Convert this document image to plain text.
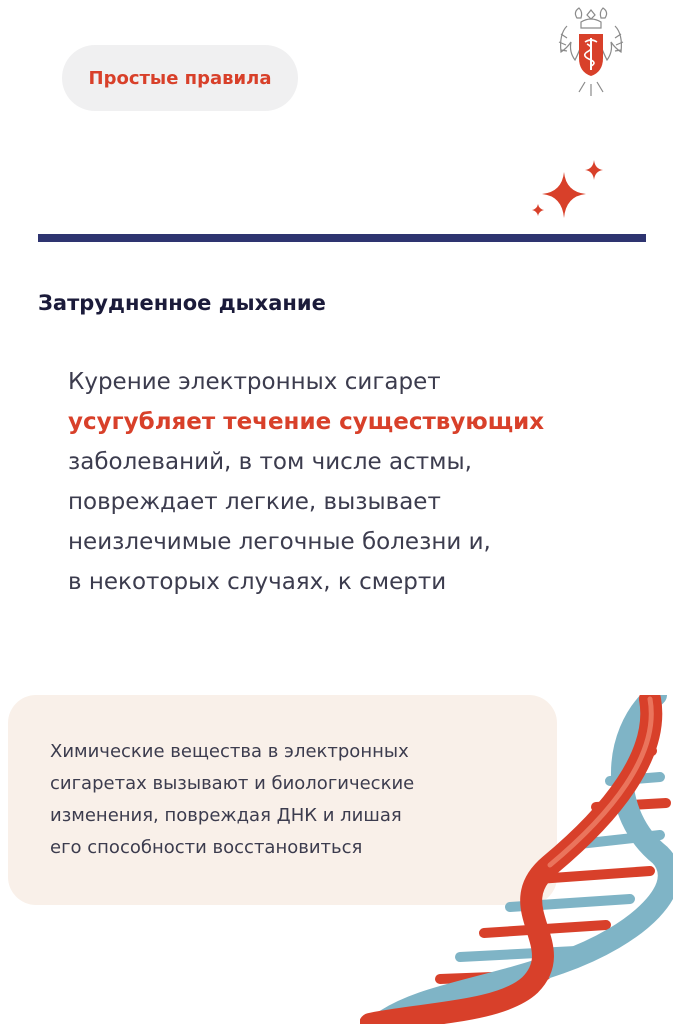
Простые правила
Затрудненное дыхание
Курение электронных сигарет
усугубляет течение существующих
заболеваний, в том числе астмы,
повреждает легкие, вызывает
неизлечимые легочные болезни и,
в некоторых случаях, к смерти
Химические вещества в электронных
сигаретах вызывают и биологические
изменения, повреждая ДНК и лишая
его способности восстановиться
